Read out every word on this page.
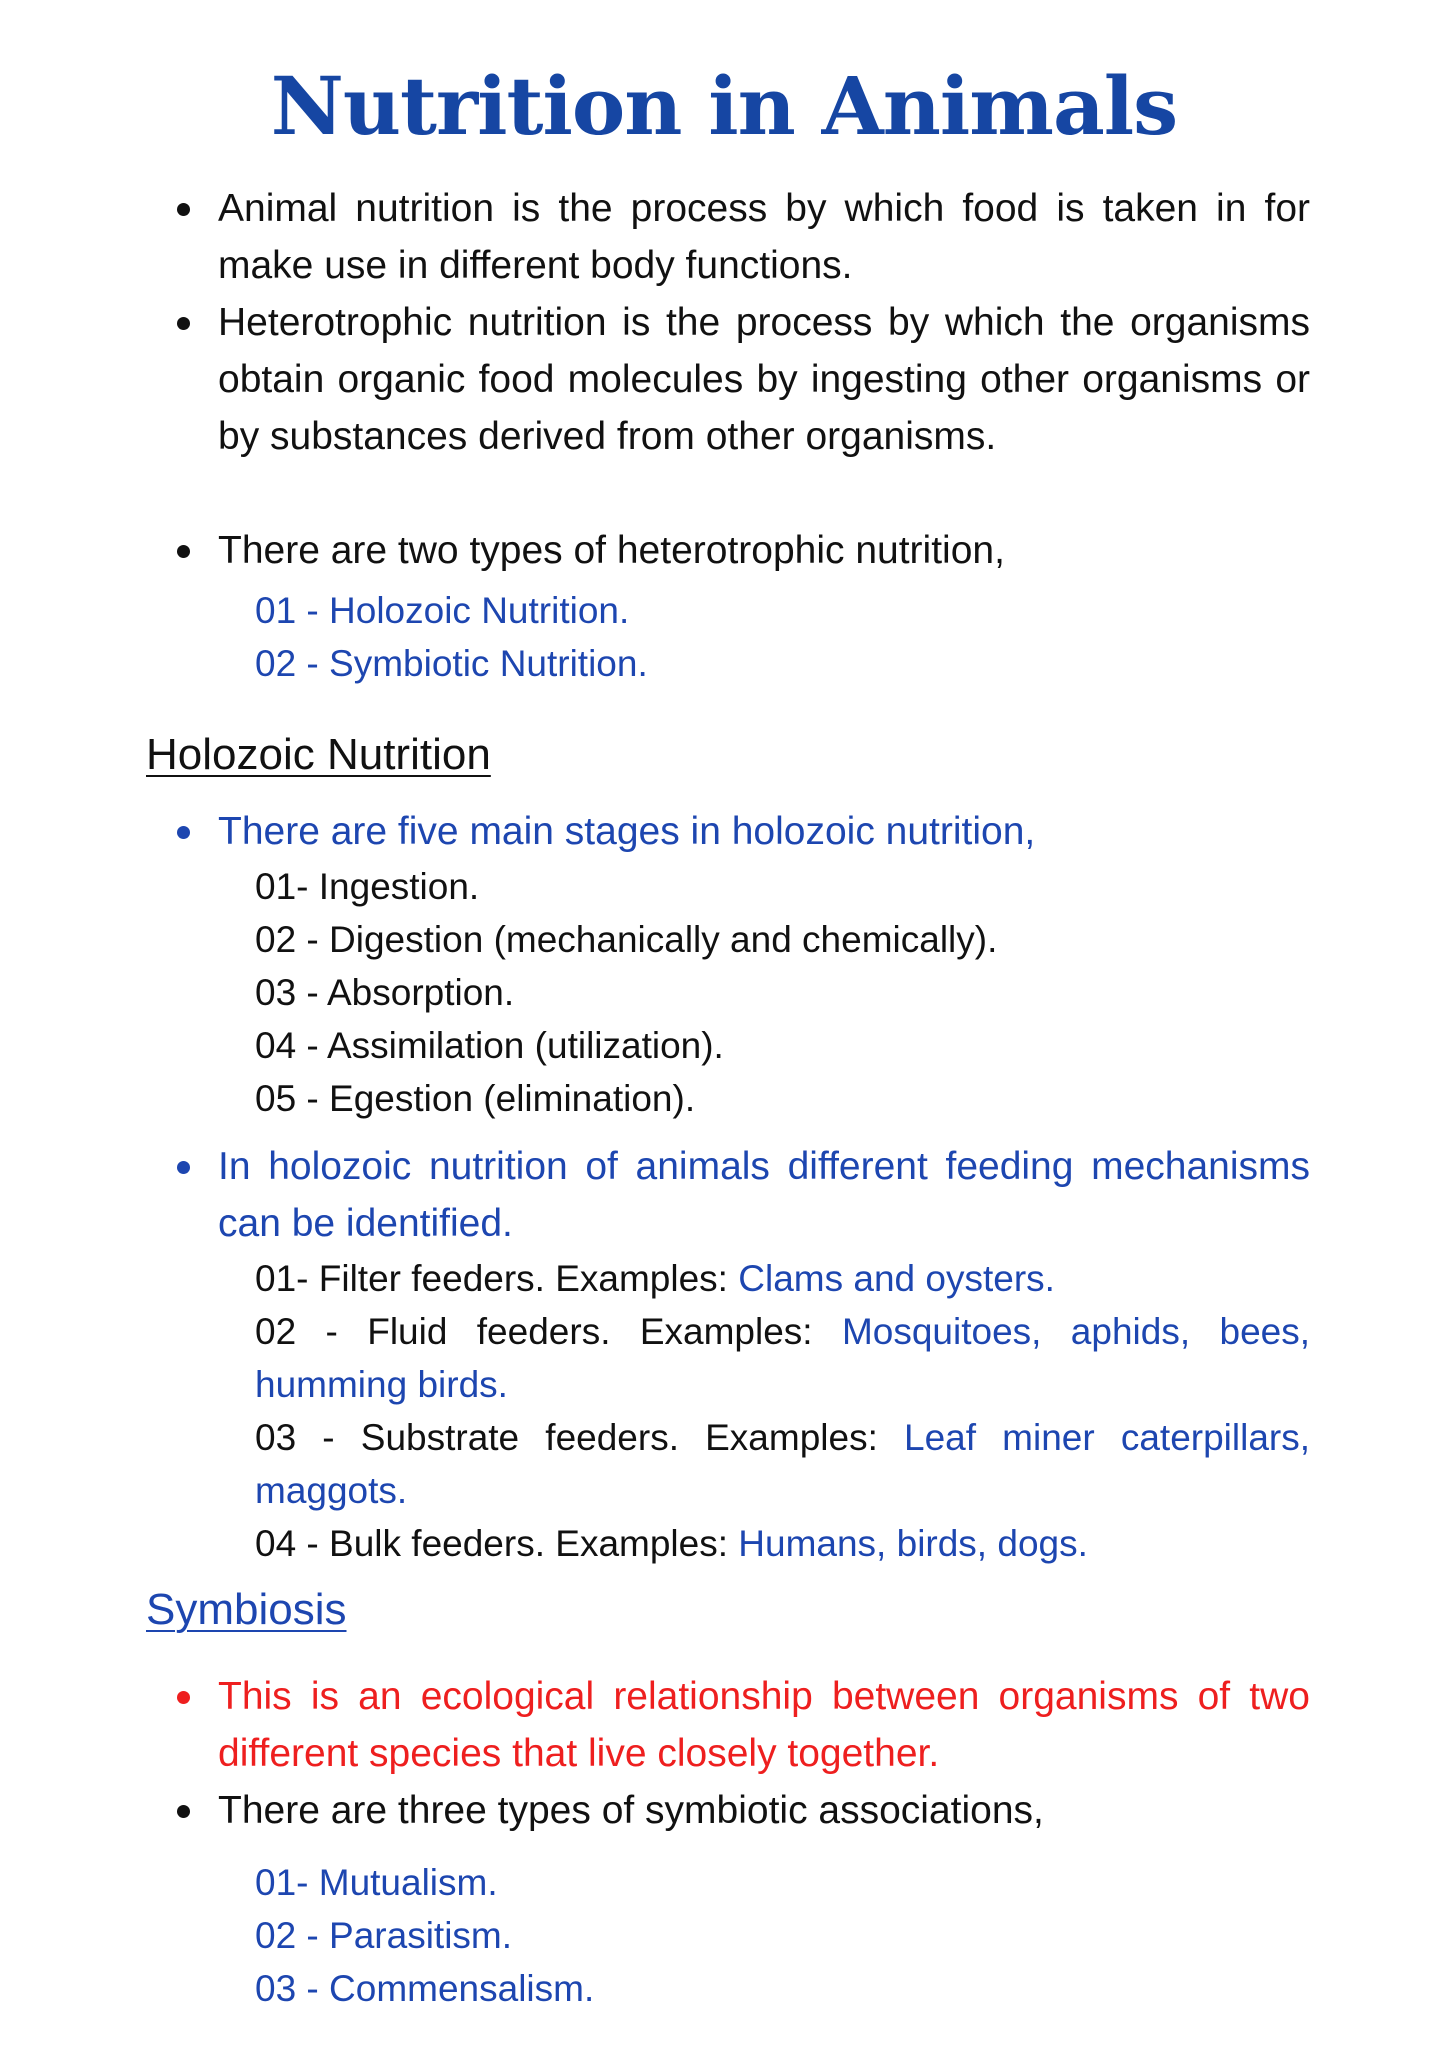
Nutrition in Animals
Animal nutrition is the process by which food is taken in for make use in different body functions.
Heterotrophic nutrition is the process by which the organisms obtain organic food molecules by ingesting other organisms or by substances derived from other organisms.
There are two types of heterotrophic nutrition,
01 - Holozoic Nutrition.
02 - Symbiotic Nutrition.
Holozoic Nutrition
There are five main stages in holozoic nutrition,
01- Ingestion.
02 - Digestion (mechanically and chemically).
03 - Absorption.
04 - Assimilation (utilization).
05 - Egestion (elimination).
In holozoic nutrition of animals different feeding mechanisms can be identified.
01- Filter feeders. Examples: Clams and oysters.
02 - Fluid feeders. Examples: Mosquitoes, aphids, bees, humming birds.
03 - Substrate feeders. Examples: Leaf miner caterpillars, maggots.
04 - Bulk feeders. Examples: Humans, birds, dogs.
Symbiosis
This is an ecological relationship between organisms of two different species that live closely together.
There are three types of symbiotic associations,
01- Mutualism.
02 - Parasitism.
03 - Commensalism.
